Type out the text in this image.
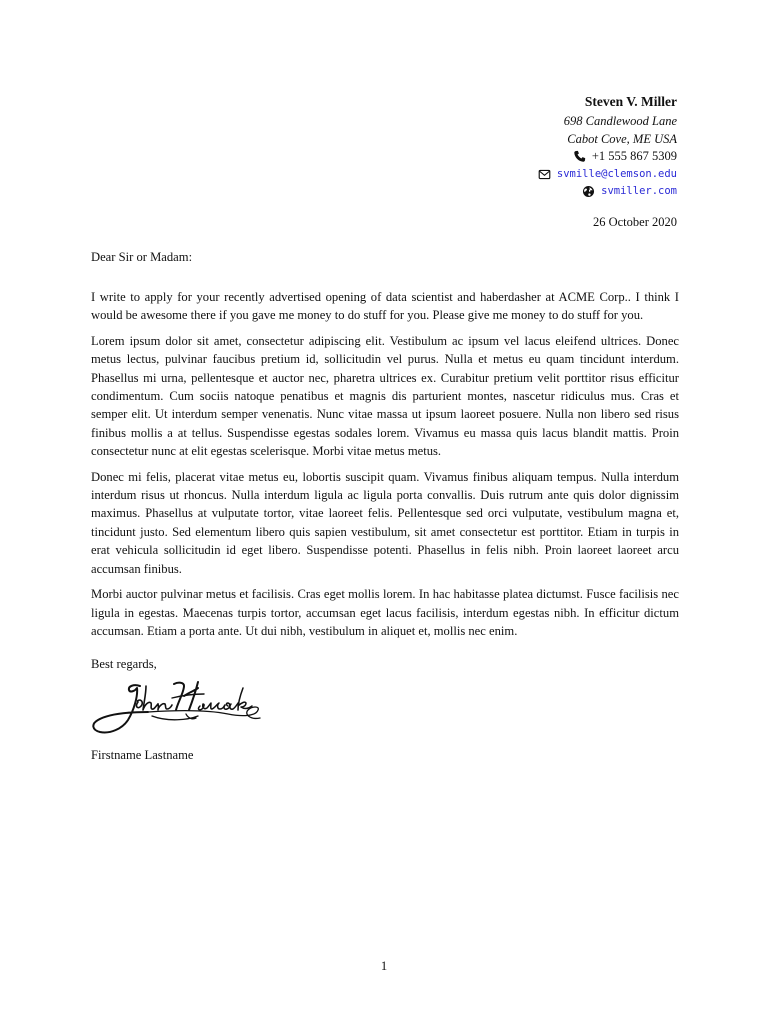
Steven V. Miller
698 Candlewood Lane
Cabot Cove, ME USA
+1 555 867 5309
svmille@clemson.edu
svmiller.com
26 October 2020
Dear Sir or Madam:

I write to apply for your recently advertised opening of data scientist and haberdasher at ACME Corp.. I think I would be awesome there if you gave me money to do stuff for you. Please give me money to do stuff for you.

Lorem ipsum dolor sit amet, consectetur adipiscing elit. Vestibulum ac ipsum vel lacus eleifend ultrices. Donec metus lectus, pulvinar faucibus pretium id, sollicitudin vel purus. Nulla et metus eu quam tincidunt interdum. Phasellus mi urna, pellentesque et auctor nec, pharetra ultrices ex. Curabitur pretium velit porttitor risus efficitur condimentum. Cum sociis natoque penatibus et magnis dis parturient montes, nascetur ridiculus mus. Cras et semper elit. Ut interdum semper venenatis. Nunc vitae massa ut ipsum laoreet posuere. Nulla non libero sed risus finibus mollis a at tellus. Suspendisse egestas sodales lorem. Vivamus eu massa quis lacus blandit mattis. Proin consectetur nunc at elit egestas scelerisque. Morbi vitae metus metus.

Donec mi felis, placerat vitae metus eu, lobortis suscipit quam. Vivamus finibus aliquam tempus. Nulla interdum interdum risus ut rhoncus. Nulla interdum ligula ac ligula porta convallis. Duis rutrum ante quis dolor dignissim maximus. Phasellus at vulputate tortor, vitae laoreet felis. Pellentesque sed orci vulputate, vestibulum magna et, tincidunt justo. Sed elementum libero quis sapien vestibulum, sit amet consectetur est porttitor. Etiam in turpis in erat vehicula sollicitudin id eget libero. Suspendisse potenti. Phasellus in felis nibh. Proin laoreet laoreet arcu accumsan finibus.

Morbi auctor pulvinar metus et facilisis. Cras eget mollis lorem. In hac habitasse platea dictumst. Fusce facilisis nec ligula in egestas. Maecenas turpis tortor, accumsan eget lacus facilisis, interdum egestas nibh. In efficitur dictum accumsan. Etiam a porta ante. Ut dui nibh, vestibulum in aliquet et, mollis nec enim.

Best regards,
Firstname Lastname
1
